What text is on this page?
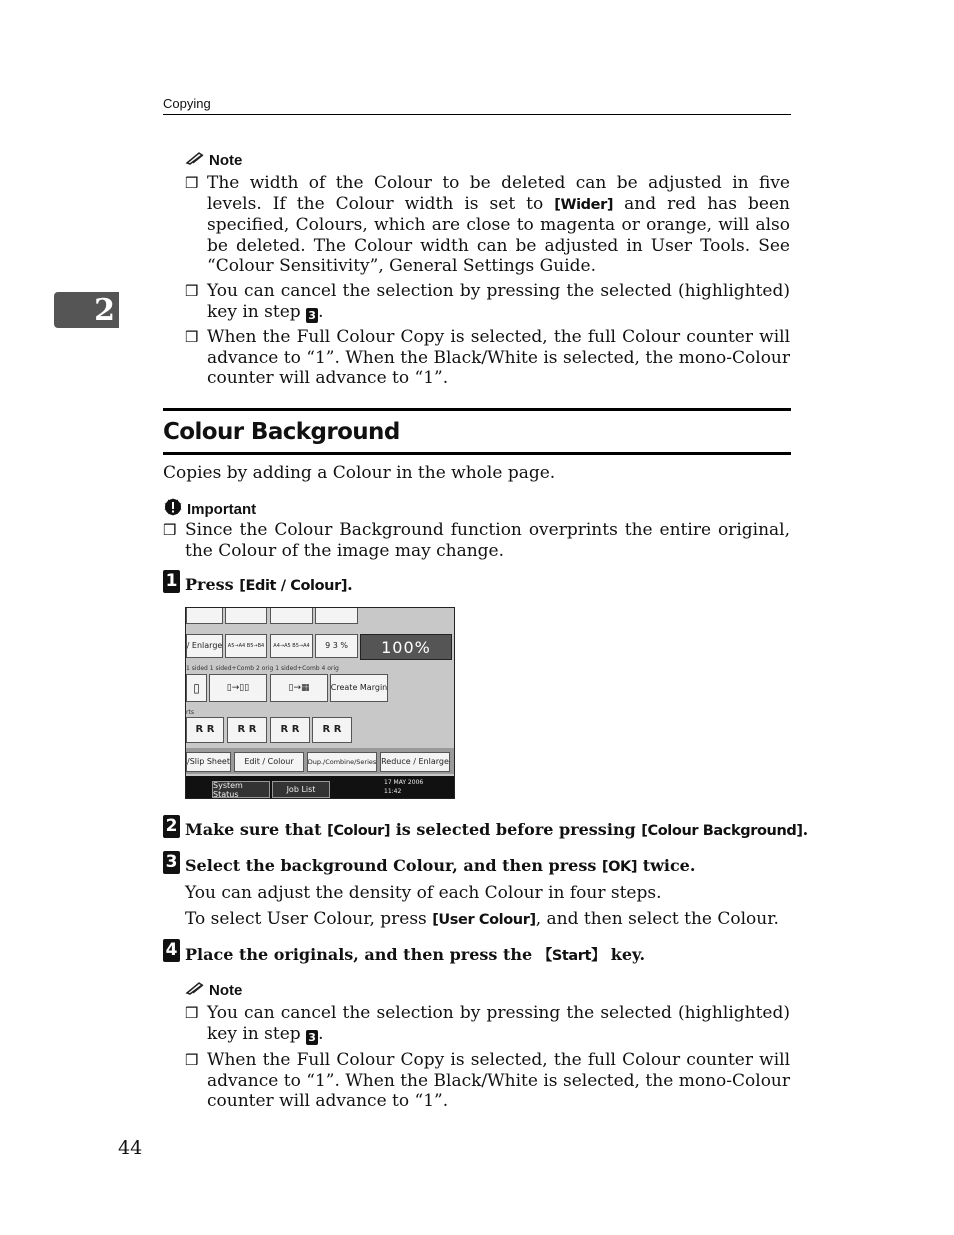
Copying
2
Note
❒ The width of the Colour to be deleted can be adjusted in five levels. If the Colour width is set to [Wider] and red has been specified, Colours, which are close to magenta or orange, will also be deleted. The Colour width can be adjusted in User Tools. See “Colour Sensitivity”, General Settings Guide.
❒ You can cancel the selection by pressing the selected (highlighted) key in step 3 .
❒ When the Full Colour Copy is selected, the full Colour counter will advance to “1”. When the Black/White is selected, the mono-Colour counter will advance to “1”.
Colour Background
Copies by adding a Colour in the whole page.
Important
❒ Since the Colour Background function overprints the entire original, the Colour of the image may change.
1 Press [Edit / Colour].
/ Enlarge	A5→A4 B5→B4	A4→A5 B5→A4	9 3 %	100%
1 sided 1 sided+Comb 2 orig 1 sided+Comb 4 orig
▯	▯→▯▯	▯→▦	Create Margin
rts
R R	R R	R R	R R
/Slip Sheet	Edit / Colour	Dup./Combine/Series Reduce / Enlarge
System Status	Job List
17 MAY 2006
11:42
2 Make sure that [Colour] is selected before pressing [Colour Background].
3 Select the background Colour, and then press [OK] twice.
You can adjust the density of each Colour in four steps.
To select User Colour, press [User Colour], and then select the Colour.
4 Place the originals, and then press the 【Start】 key.
Note
❒ You can cancel the selection by pressing the selected (highlighted) key in step 3 .
❒ When the Full Colour Copy is selected, the full Colour counter will advance to “1”. When the Black/White is selected, the mono-Colour counter will advance to “1”.
44
